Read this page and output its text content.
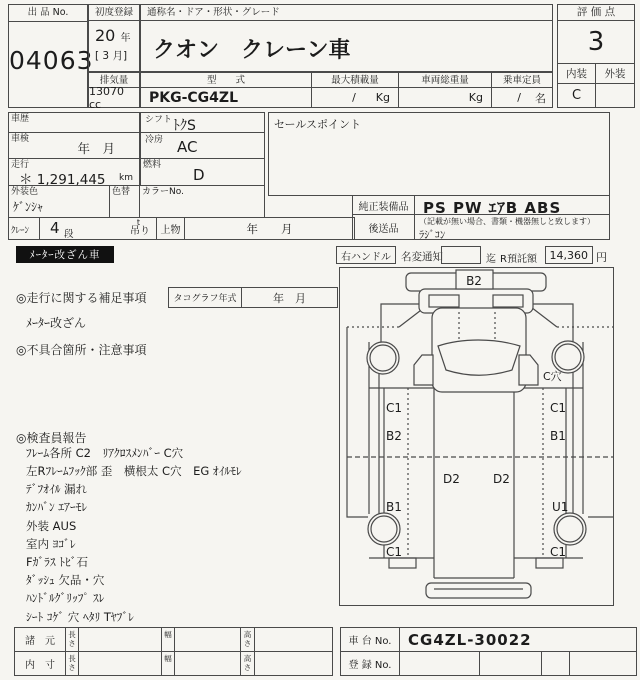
出 品 No.
04063
初度登録
20 年
[ 3 月]
通称名・ドア・形状・グレード
クオン　クレーン車
排気量
13070 cc
型　　式
PKG-CG4ZL
最大積載量
/ Kg
車両総重量
Kg
乗車定員
/ 名
評 価 点
3
内装	外装
C
車歴	シフト ﾄｸS
車検
年　月
冷房 AC
走行
＊ 1,291,445 km
燃料
D
外装色
ｹﾞﾝｼｬ
色替	カラーNo.
ｸﾚｰﾝ 4 段
t
吊り	上物	年　　月
セールスポイント
純正装備品 PS PW ｴｱB ABS
後送品
（記載が無い場合、書類・機器無しと致します）
ﾗｼﾞｺﾝ
ﾒｰﾀｰ改ざん車	右ハンドル 名変通知	迄 R預託額	14,360 円
◎走行に関する補足事項	タコグラフ年式	年　月
ﾒｰﾀｰ改ざん
◎不具合箇所・注意事項
◎検査員報告
ﾌﾚｰﾑ各所 C2　ﾘｱｸﾛｽﾒﾝﾊﾞｰ C穴
左Rﾌﾚｰﾑﾌｯｸ部 歪　横根太 C穴　EG ｵｲﾙﾓﾚ
ﾃﾞﾌｵｲﾙ 漏れ
ｶﾝﾊﾞﾝ ｴｱｰﾓﾚ
外装 AUS
室内 ﾖｺﾞﾚ
Fｶﾞﾗｽ ﾄﾋﾞ石
ﾀﾞｯｼｭ 欠品・穴
ﾊﾝﾄﾞﾙｸﾞﾘｯﾌﾟ ｽﾚ
ｼｰﾄ ｺｹﾞ 穴 ﾍﾀﾘ Tﾔﾌﾞﾚ
B2
C穴
C1
B2
B1
C1
C1
B1
U1
C1
D2	D2
諸　元
長さ
幅	高さ
内　寸
長さ
幅	高さ
車 台 No.	CG4ZL-30022
登 録 No.
